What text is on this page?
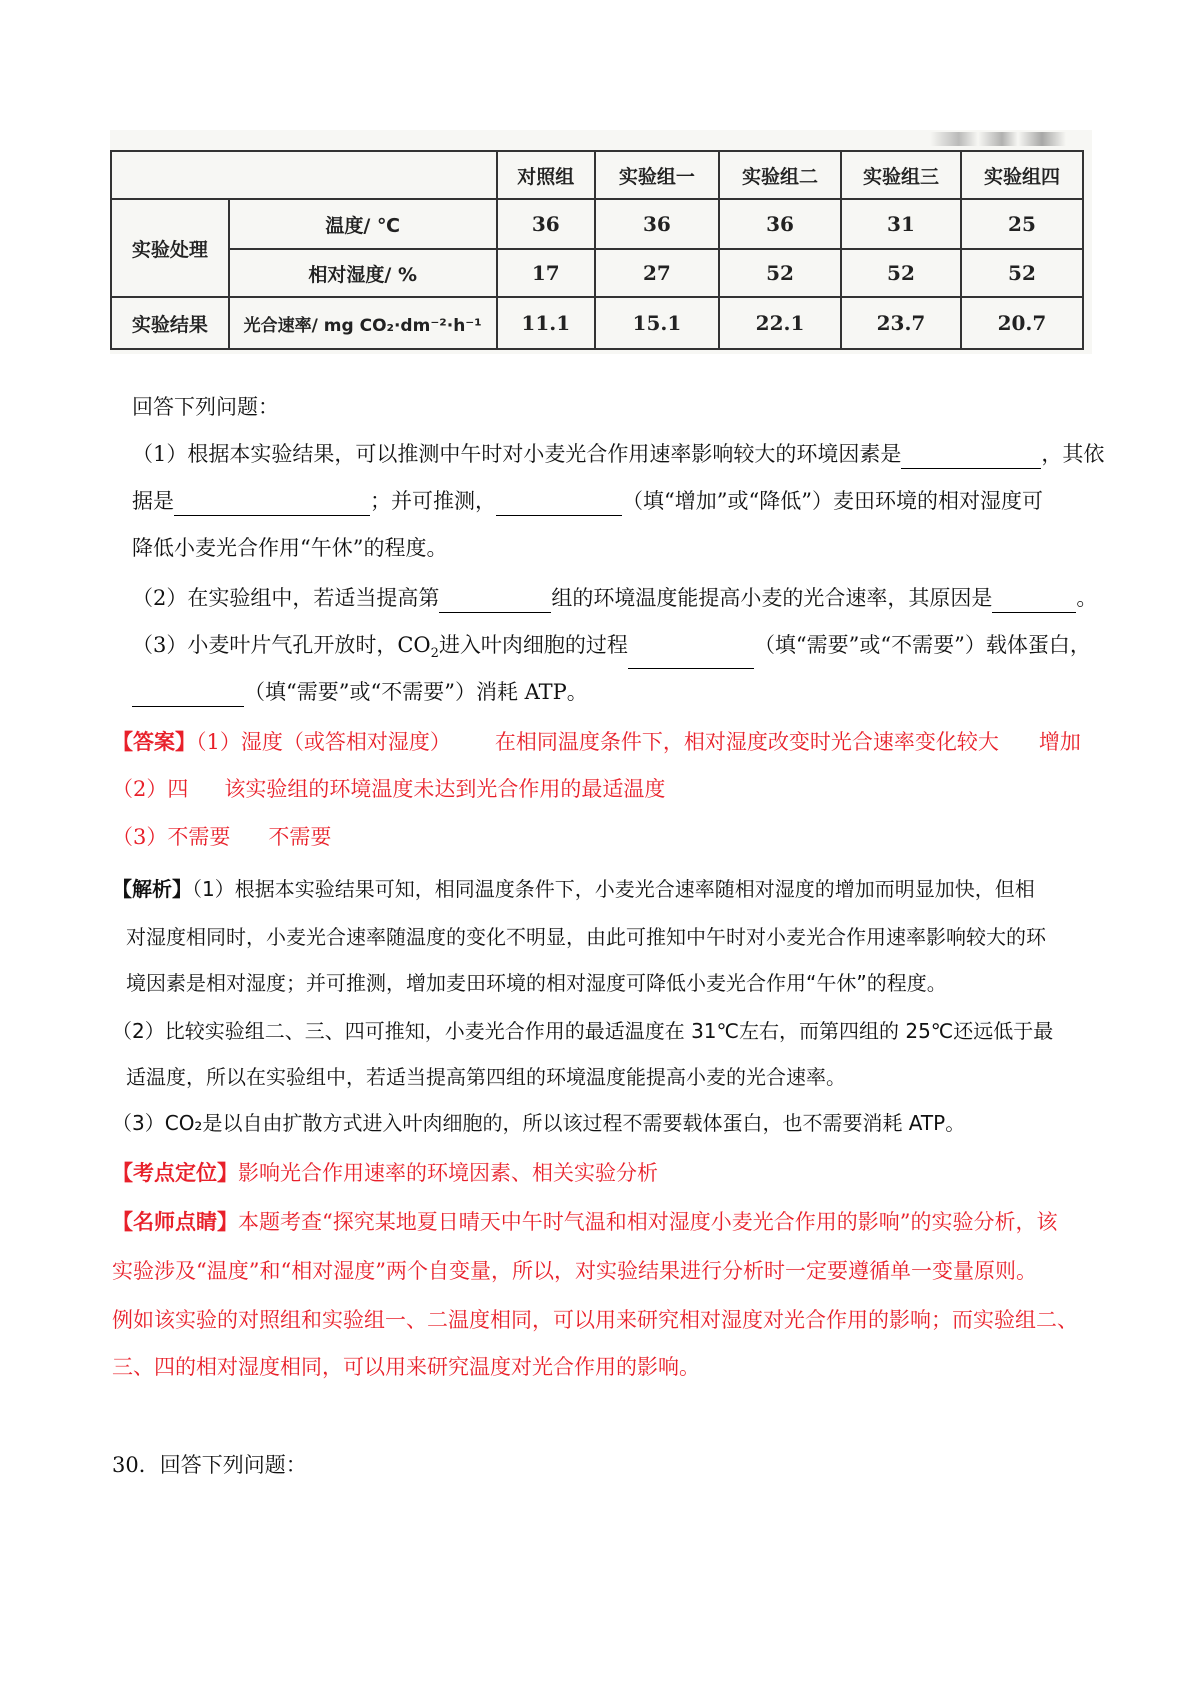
		对照组	实验组一	实验组二	实验组三	实验组四
实验处理	温度/ ℃	36	36	36	31	25
	相对湿度/ %	17	27	52	52	52
实验结果	光合速率/ mg CO₂·dm⁻²·h⁻¹	11.1	15.1	22.1	23.7	20.7
回答下列问题：
（1）根据本实验结果，可以推测中午时对小麦光合作用速率影响较大的环境因素是	，其依
据是	；并可推测，	（填“增加”或“降低”）麦田环境的相对湿度可
降低小麦光合作用“午休”的程度。
（2）在实验组中，若适当提高第	组的环境温度能提高小麦的光合速率，其原因是	。
（3）小麦叶片气孔开放时，$CO_2$进入叶肉细胞的过程	（填“需要”或“不需要”）载体蛋白，
（填“需要”或“不需要”）消耗 ATP。
【答案】（1）湿度（或答相对湿度） 在相同温度条件下，相对湿度改变时光合速率变化较大 增加
（2）四 该实验组的环境温度未达到光合作用的最适温度
（3）不需要 不需要
【解析】（1）根据本实验结果可知，相同温度条件下，小麦光合速率随相对湿度的增加而明显加快，但相
对湿度相同时，小麦光合速率随温度的变化不明显，由此可推知中午时对小麦光合作用速率影响较大的环
境因素是相对湿度；并可推测，增加麦田环境的相对湿度可降低小麦光合作用“午休”的程度。
（2）比较实验组二、三、四可推知，小麦光合作用的最适温度在 31℃左右，而第四组的 25℃还远低于最
适温度，所以在实验组中，若适当提高第四组的环境温度能提高小麦的光合速率。
（3）CO₂是以自由扩散方式进入叶肉细胞的，所以该过程不需要载体蛋白，也不需要消耗 ATP。
【考点定位】影响光合作用速率的环境因素、相关实验分析
【名师点睛】本题考查“探究某地夏日晴天中午时气温和相对湿度小麦光合作用的影响”的实验分析，该
实验涉及“温度”和“相对湿度”两个自变量，所以，对实验结果进行分析时一定要遵循单一变量原则。
例如该实验的对照组和实验组一、二温度相同，可以用来研究相对湿度对光合作用的影响；而实验组二、
三、四的相对湿度相同，可以用来研究温度对光合作用的影响。
30．回答下列问题：
